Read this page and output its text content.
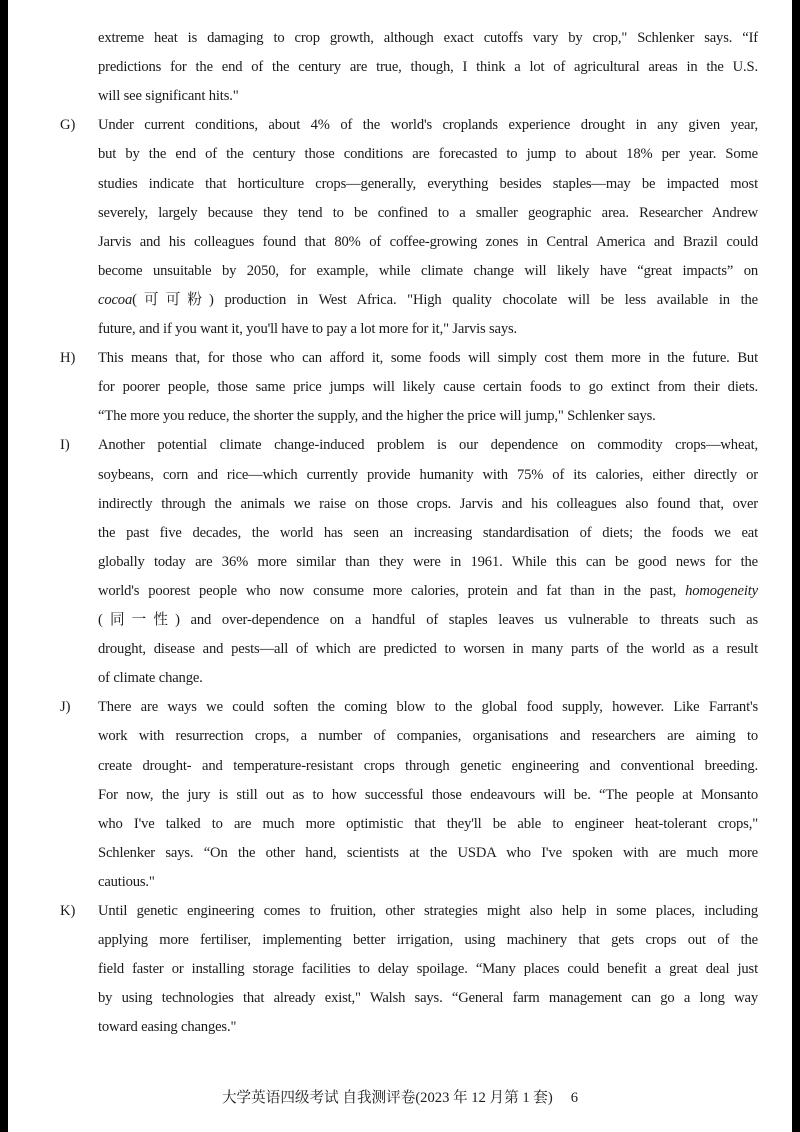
extreme heat is damaging to crop growth, although exact cutoffs vary by crop," Schlenker says. “If
predictions for the end of the century are true, though, I think a lot of agricultural areas in the U.S.
will see significant hits."
G) Under current conditions, about 4% of the world's croplands experience drought in any given year,
but by the end of the century those conditions are forecasted to jump to about 18% per year. Some
studies indicate that horticulture crops—generally, everything besides staples—may be impacted most
severely, largely because they tend to be confined to a smaller geographic area. Researcher Andrew
Jarvis and his colleagues found that 80% of coffee-growing zones in Central America and Brazil could
become unsuitable by 2050, for example, while climate change will likely have “great impacts” on
cocoa(可可粉) production in West Africa. "High quality chocolate will be less available in the
future, and if you want it, you'll have to pay a lot more for it," Jarvis says.
H) This means that, for those who can afford it, some foods will simply cost them more in the future. But
for poorer people, those same price jumps will likely cause certain foods to go extinct from their diets.
“The more you reduce, the shorter the supply, and the higher the price will jump," Schlenker says.
I) Another potential climate change-induced problem is our dependence on commodity crops—wheat,
soybeans, corn and rice—which currently provide humanity with 75% of its calories, either directly or
indirectly through the animals we raise on those crops. Jarvis and his colleagues also found that, over
the past five decades, the world has seen an increasing standardisation of diets; the foods we eat
globally today are 36% more similar than they were in 1961. While this can be good news for the
world's poorest people who now consume more calories, protein and fat than in the past, homogeneity
(同一性) and over-dependence on a handful of staples leaves us vulnerable to threats such as
drought, disease and pests—all of which are predicted to worsen in many parts of the world as a result
of climate change.
J) There are ways we could soften the coming blow to the global food supply, however. Like Farrant's
work with resurrection crops, a number of companies, organisations and researchers are aiming to
create drought- and temperature-resistant crops through genetic engineering and conventional breeding.
For now, the jury is still out as to how successful those endeavours will be. “The people at Monsanto
who I've talked to are much more optimistic that they'll be able to engineer heat-tolerant crops,"
Schlenker says. “On the other hand, scientists at the USDA who I've spoken with are much more
cautious."
K) Until genetic engineering comes to fruition, other strategies might also help in some places, including
applying more fertiliser, implementing better irrigation, using machinery that gets crops out of the
field faster or installing storage facilities to delay spoilage. “Many places could benefit a great deal just
by using technologies that already exist," Walsh says. “General farm management can go a long way
toward easing changes."
大学英语四级考试 自我测评卷(2023 年 12 月第 1 套) 6
